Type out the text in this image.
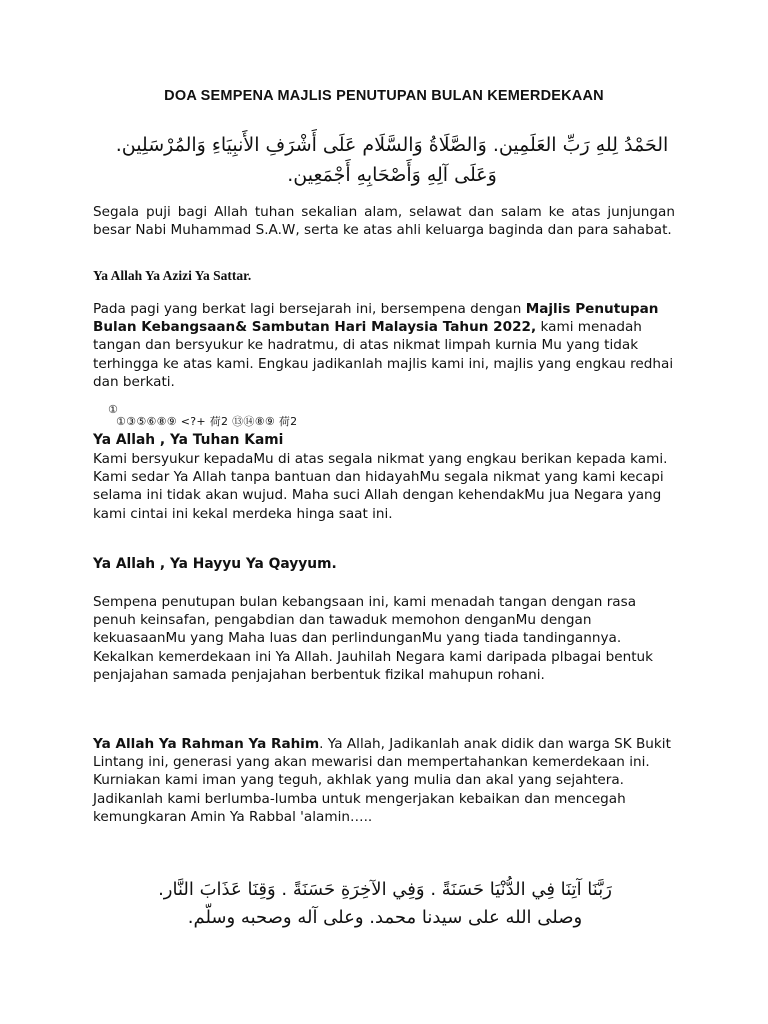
DOA SEMPENA MAJLIS PENUTUPAN BULAN KEMERDEKAAN
الحَمْدُ لِلهِ رَبِّ العَلَمِين. وَالصَّلَاةُ وَالسَّلَام عَلَى أَشْرَفِ الأَنبِيَاءِ وَالمُرْسَلِين. وَعَلَى آلِهِ وَأَصْحَابِهِ أَجْمَعِين.

Segala puji bagi Allah tuhan sekalian alam, selawat dan salam ke atas junjungan besar Nabi Muhammad S.A.W, serta ke atas ahli keluarga baginda dan para sahabat.

Ya Allah Ya Azizi Ya Sattar.

Pada pagi yang berkat lagi bersejarah ini, bersempena dengan Majlis Penutupan Bulan Kebangsaan& Sambutan Hari Malaysia Tahun 2022, kami menadah tangan dan bersyukur ke hadratmu, di atas nikmat limpah kurnia Mu yang tidak terhingga ke atas kami. Engkau jadikanlah majlis kami ini, majlis yang engkau redhai dan berkati.

①
①③⑤⑥⑧⑨ <?+ 荷2 ⑬⑭⑧⑨ 荷2
Ya Allah , Ya Tuhan Kami

Kami bersyukur kepadaMu di atas segala nikmat yang engkau berikan kepada kami. Kami sedar Ya Allah tanpa bantuan dan hidayahMu segala nikmat yang kami kecapi selama ini tidak akan wujud. Maha suci Allah dengan kehendakMu jua Negara yang kami cintai ini kekal merdeka hinga saat ini.

Ya Allah , Ya Hayyu Ya Qayyum.

Sempena penutupan bulan kebangsaan ini, kami menadah tangan dengan rasa penuh keinsafan, pengabdian dan tawaduk memohon denganMu dengan kekuasaanMu yang Maha luas dan perlindunganMu yang tiada tandingannya. Kekalkan kemerdekaan ini Ya Allah. Jauhilah Negara kami daripada plbagai bentuk penjajahan samada penjajahan berbentuk fizikal mahupun rohani.

Ya Allah Ya Rahman Ya Rahim. Ya Allah, Jadikanlah anak didik dan warga SK Bukit Lintang ini, generasi yang akan mewarisi dan mempertahankan kemerdekaan ini. Kurniakan kami iman yang teguh, akhlak yang mulia dan akal yang sejahtera. Jadikanlah kami berlumba-lumba untuk mengerjakan kebaikan dan mencegah kemungkaran Amin Ya Rabbal 'alamin…..

رَبَّنَا آتِنَا فِي الدُّنْيَا حَسَنَةً . وَفِي الآخِرَةِ حَسَنَةً . وَقِنَا عَذَابَ النَّار.
وصلى الله على سيدنا محمد. وعلى آله وصحبه وسلّم.
